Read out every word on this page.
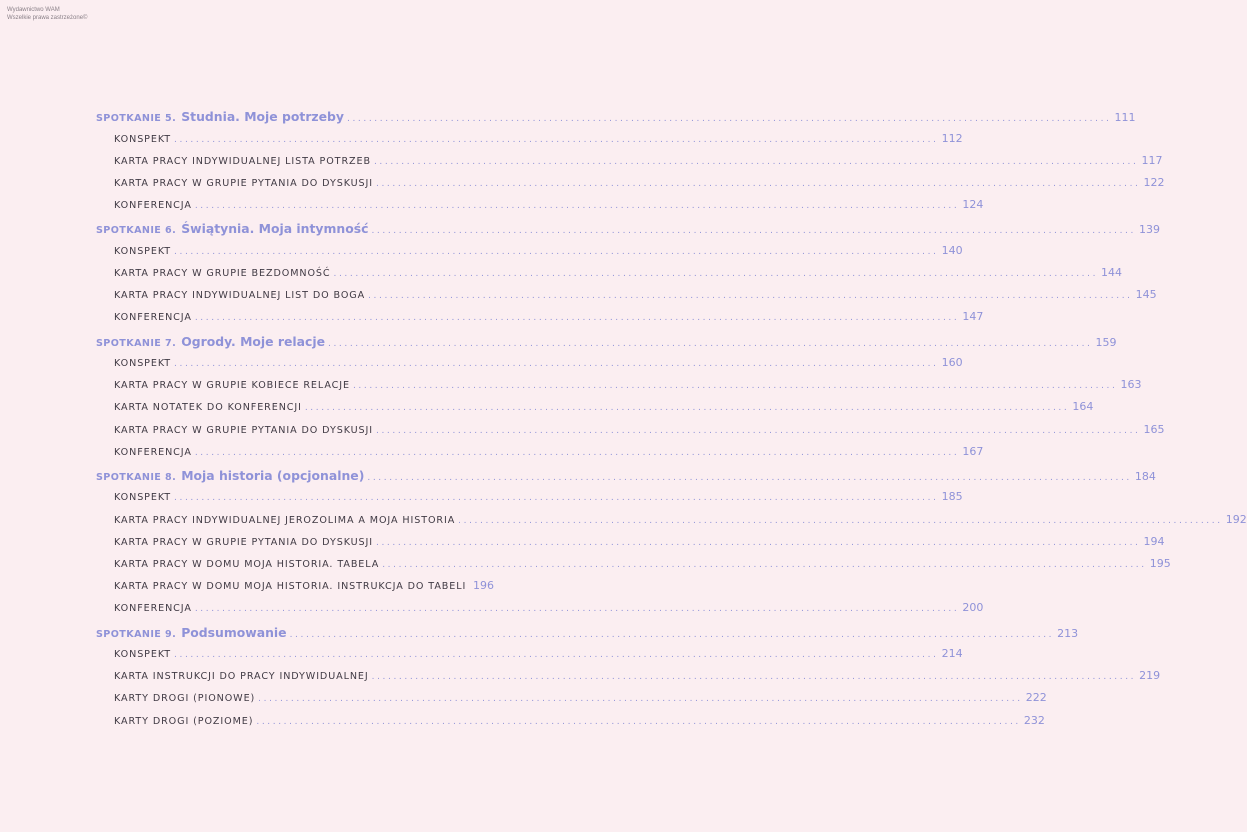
Wydawnictwo WAM
Wszelkie prawa zastrzeżone©
SPOTKANIE 5. Studnia. Moje potrzeby ............................................................................................................................................ 111
KONSPEKT ............................................................................................................................................ 112
KARTA PRACY INDYWIDUALNEJ LISTA POTRZEB ............................................................................................................................................ 117
KARTA PRACY W GRUPIE PYTANIA DO DYSKUSJI ............................................................................................................................................ 122
KONFERENCJA ............................................................................................................................................ 124
SPOTKANIE 6. Świątynia. Moja intymność ............................................................................................................................................ 139
KONSPEKT ............................................................................................................................................ 140
KARTA PRACY W GRUPIE BEZDOMNOŚĆ ............................................................................................................................................ 144
KARTA PRACY INDYWIDUALNEJ LIST DO BOGA ............................................................................................................................................ 145
KONFERENCJA ............................................................................................................................................ 147
SPOTKANIE 7. Ogrody. Moje relacje ............................................................................................................................................ 159
KONSPEKT ............................................................................................................................................ 160
KARTA PRACY W GRUPIE KOBIECE RELACJE ............................................................................................................................................ 163
KARTA NOTATEK DO KONFERENCJI ............................................................................................................................................ 164
KARTA PRACY W GRUPIE PYTANIA DO DYSKUSJI ............................................................................................................................................ 165
KONFERENCJA ............................................................................................................................................ 167
SPOTKANIE 8. Moja historia (opcjonalne) ............................................................................................................................................ 184
KONSPEKT ............................................................................................................................................ 185
KARTA PRACY INDYWIDUALNEJ JEROZOLIMA A MOJA HISTORIA ............................................................................................................................................ 192
KARTA PRACY W GRUPIE PYTANIA DO DYSKUSJI ............................................................................................................................................ 194
KARTA PRACY W DOMU MOJA HISTORIA. TABELA ............................................................................................................................................ 195
KARTA PRACY W DOMU MOJA HISTORIA. INSTRUKCJA DO TABELI 196
KONFERENCJA ............................................................................................................................................ 200
SPOTKANIE 9. Podsumowanie ............................................................................................................................................ 213
KONSPEKT ............................................................................................................................................ 214
KARTA INSTRUKCJI DO PRACY INDYWIDUALNEJ ............................................................................................................................................ 219
KARTY DROGI (PIONOWE) ............................................................................................................................................ 222
KARTY DROGI (POZIOME) ............................................................................................................................................ 232
